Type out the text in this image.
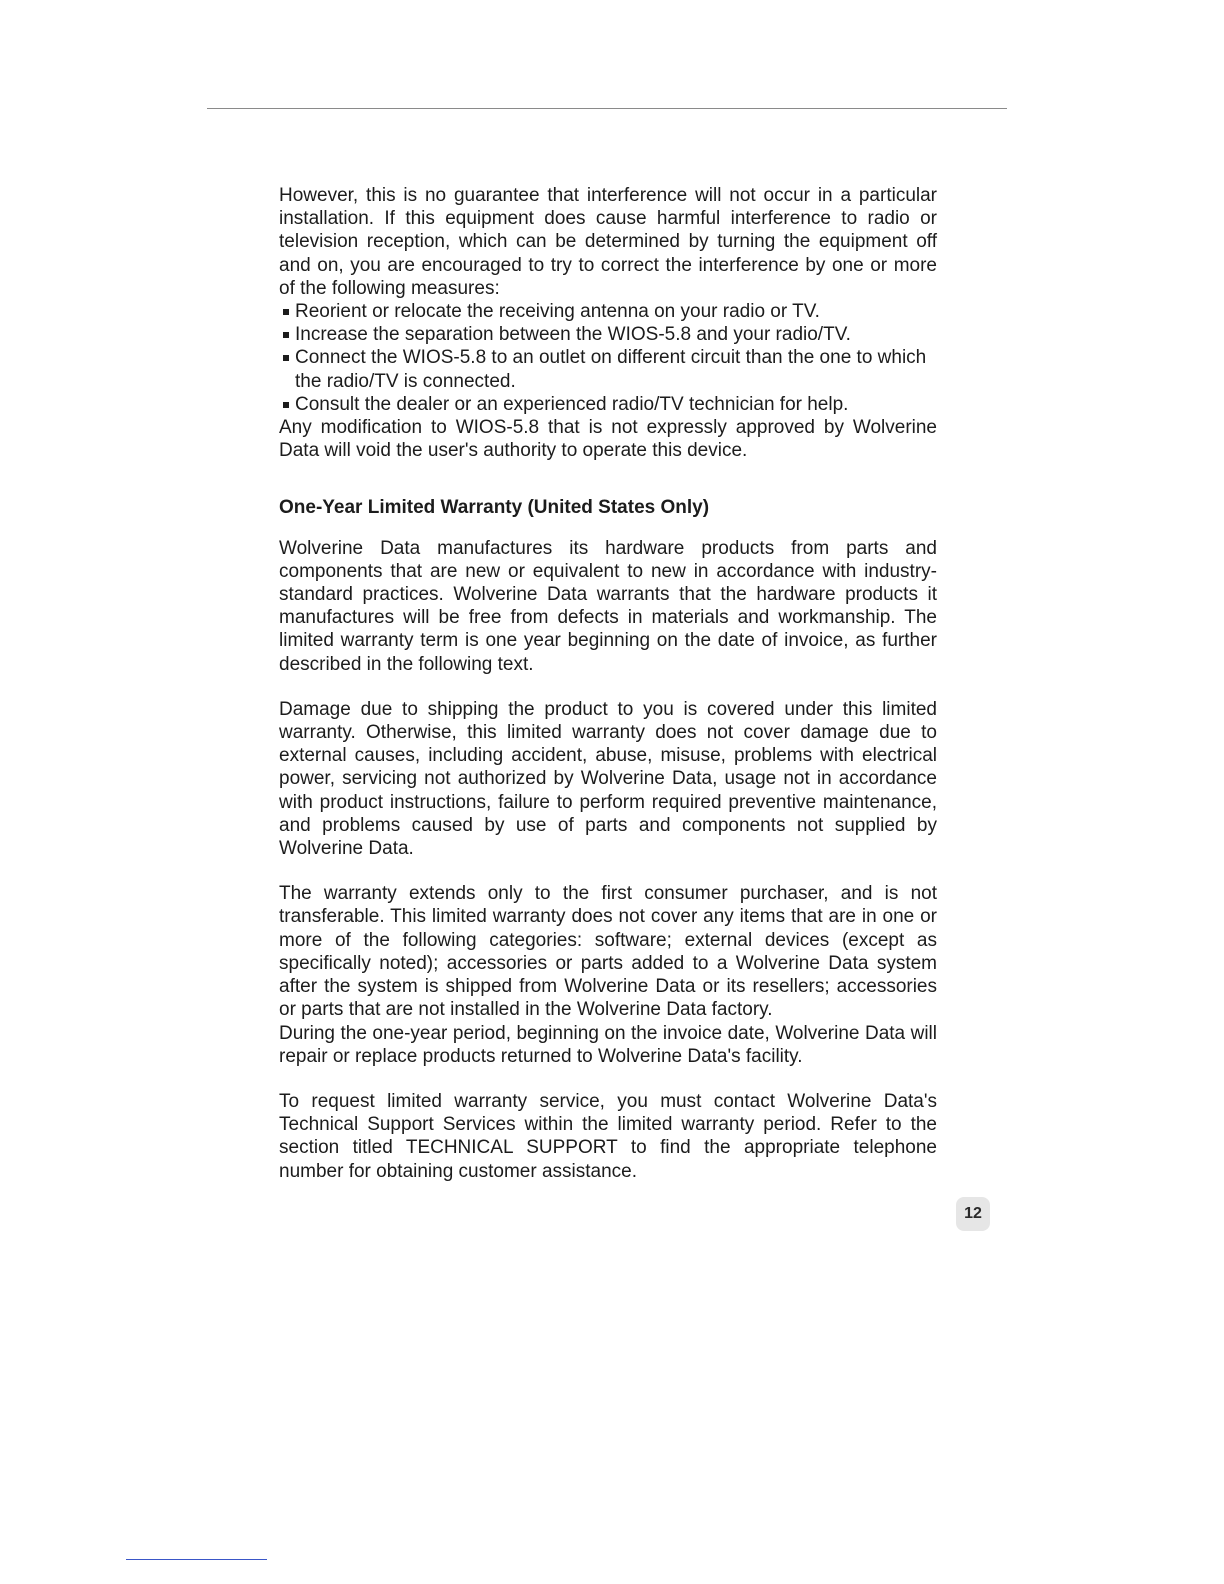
However, this is no guarantee that interference will not occur in a particular installation. If this equipment does cause harmful interference to radio or television reception, which can be determined by turning the equipment off and on, you are encouraged to try to correct the interference by one or more of the following measures:

Reorient or relocate the receiving antenna on your radio or TV.
Increase the separation between the WIOS-5.8 and your radio/TV.
Connect the WIOS-5.8 to an outlet on different circuit than the one to which the radio/TV is connected.
Consult the dealer or an experienced radio/TV technician for help.

Any modification to WIOS-5.8 that is not expressly approved by Wolverine Data will void the user's authority to operate this device.

One-Year Limited Warranty (United States Only)

Wolverine Data manufactures its hardware products from parts and components that are new or equivalent to new in accordance with industry-standard practices. Wolverine Data warrants that the hardware products it manufactures will be free from defects in materials and workmanship. The limited warranty term is one year beginning on the date of invoice, as further described in the following text.

Damage due to shipping the product to you is covered under this limited warranty. Otherwise, this limited warranty does not cover damage due to external causes, including accident, abuse, misuse, problems with electrical power, servicing not authorized by Wolverine Data, usage not in accordance with product instructions, failure to perform required preventive maintenance, and problems caused by use of parts and components not supplied by Wolverine Data.

The warranty extends only to the first consumer purchaser, and is not transferable. This limited warranty does not cover any items that are in one or more of the following categories: software; external devices (except as specifically noted); accessories or parts added to a Wolverine Data system after the system is shipped from Wolverine Data or its resellers; accessories or parts that are not installed in the Wolverine Data factory.

During the one-year period, beginning on the invoice date, Wolverine Data will repair or replace products returned to Wolverine Data's facility.

To request limited warranty service, you must contact Wolverine Data's Technical Support Services within the limited warranty period. Refer to the section titled TECHNICAL SUPPORT to find the appropriate telephone number for obtaining customer assistance.

12
